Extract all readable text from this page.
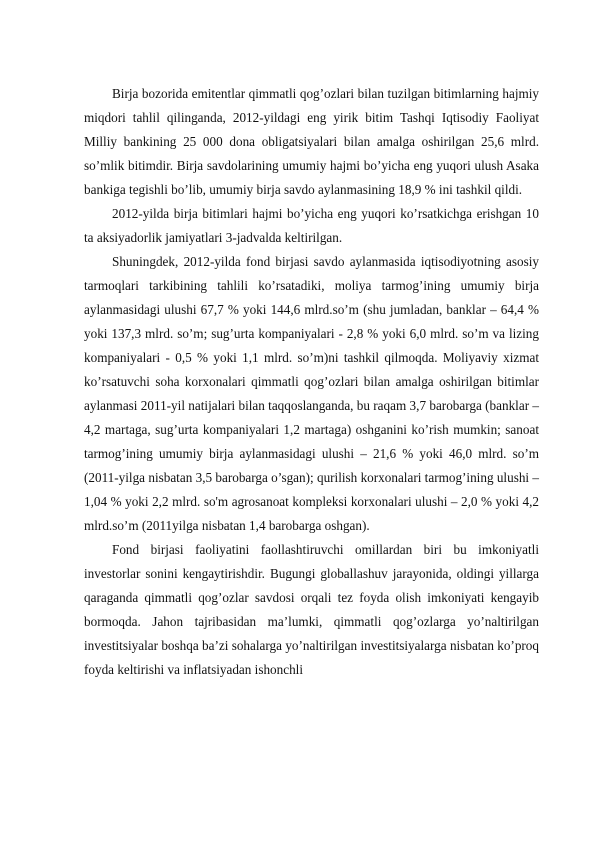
Birja bozorida emitentlar qimmatli qog’ozlari bilan tuzilgan bitimlarning hajmiy miqdori tahlil qilinganda, 2012-yildagi eng yirik bitim Tashqi Iqtisodiy Faoliyat Milliy bankining 25 000 dona obligatsiyalari bilan amalga oshirilgan 25,6 mlrd. so’mlik bitimdir. Birja savdolarining umumiy hajmi bo’yicha eng yuqori ulush Asaka bankiga tegishli bo’lib, umumiy birja savdo aylanmasining 18,9 % ini tashkil qildi.

2012-yilda birja bitimlari hajmi bo’yicha eng yuqori ko’rsatkichga erishgan 10 ta aksiyadorlik jamiyatlari 3-jadvalda keltirilgan.

Shuningdek, 2012-yilda fond birjasi savdo aylanmasida iqtisodiyotning asosiy tarmoqlari tarkibining tahlili ko’rsatadiki, moliya tarmog’ining umumiy birja aylanmasidagi ulushi 67,7 % yoki 144,6 mlrd.so’m (shu jumladan, banklar – 64,4 % yoki 137,3 mlrd. so’m; sug’urta kompaniyalari - 2,8 % yoki 6,0 mlrd. so’m va lizing kompaniyalari - 0,5 % yoki 1,1 mlrd. so’m)ni tashkil qilmoqda. Moliyaviy xizmat ko’rsatuvchi soha korxonalari qimmatli qog’ozlari bilan amalga oshirilgan bitimlar aylanmasi 2011-yil natijalari bilan taqqoslanganda, bu raqam 3,7 barobarga (banklar – 4,2 martaga, sug’urta kompaniyalari 1,2 martaga) oshganini ko’rish mumkin; sanoat tarmog’ining umumiy birja aylanmasidagi ulushi – 21,6 % yoki 46,0 mlrd. so’m (2011-yilga nisbatan 3,5 barobarga o’sgan); qurilish korxonalari tarmog’ining ulushi – 1,04 % yoki 2,2 mlrd. so'm agrosanoat kompleksi korxonalari ulushi – 2,0 % yoki 4,2 mlrd.so’m (2011yilga nisbatan 1,4 barobarga oshgan).

Fond birjasi faoliyatini faollashtiruvchi omillardan biri bu imkoniyatli investorlar sonini kengaytirishdir. Bugungi globallashuv jarayonida, oldingi yillarga qaraganda qimmatli qog’ozlar savdosi orqali tez foyda olish imkoniyati kengayib bormoqda. Jahon tajribasidan ma’lumki, qimmatli qog’ozlarga yo’naltirilgan investitsiyalar boshqa ba’zi sohalarga yo’naltirilgan investitsiyalarga nisbatan ko’proq foyda keltirishi va inflatsiyadan ishonchli
